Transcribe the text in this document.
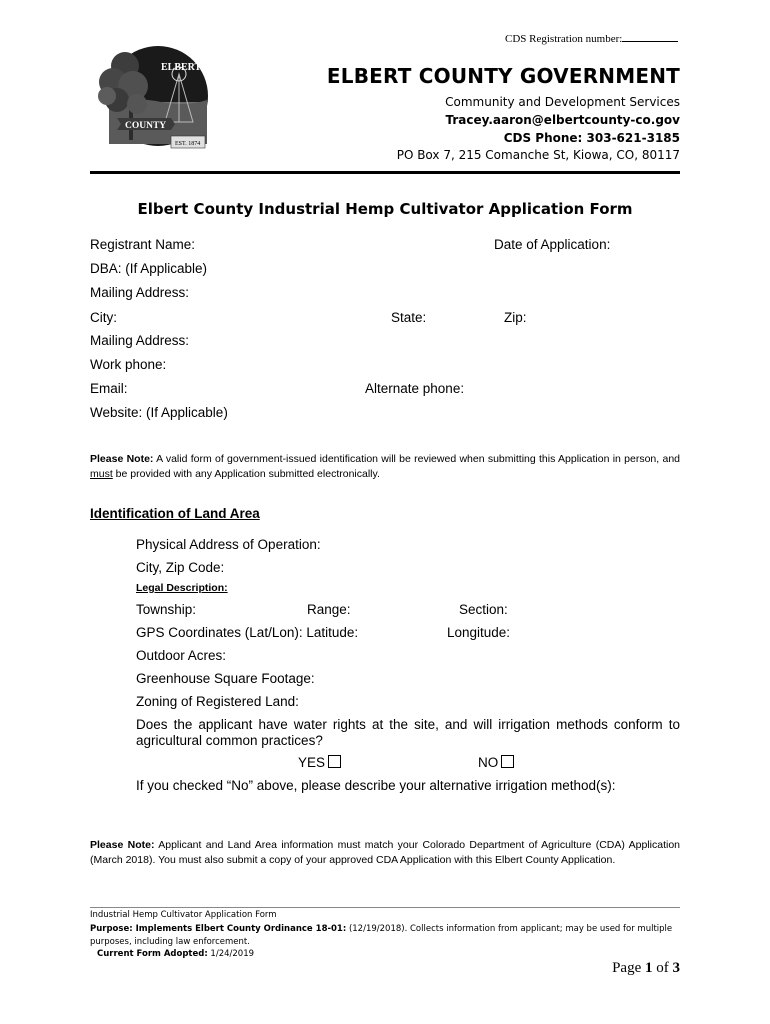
CDS Registration number:
ELBERT
COUNTY
EST. 1874
ELBERT COUNTY GOVERNMENT
Community and Development Services
Tracey.aaron@elbertcounty-co.gov
CDS Phone: 303-621-3185
PO Box 7, 215 Comanche St, Kiowa, CO, 80117
Elbert County Industrial Hemp Cultivator Application Form
Registrant Name:	Date of Application:
DBA: (If Applicable)
Mailing Address:
City:	State:	Zip:
Mailing Address:
Work phone:
Email:	Alternate phone:
Website: (If Applicable)
Please Note: A valid form of government-issued identification will be reviewed when submitting this Application in person, and must be provided with any Application submitted electronically.
Identification of Land Area
Physical Address of Operation:
City, Zip Code:
Legal Description:
Township:	Range:	Section:
GPS Coordinates (Lat/Lon): Latitude:	Longitude:
Outdoor Acres:
Greenhouse Square Footage:
Zoning of Registered Land:
Does the applicant have water rights at the site, and will irrigation methods conform to agricultural common practices?
YES	NO
If you checked “No” above, please describe your alternative irrigation method(s):
Please Note: Applicant and Land Area information must match your Colorado Department of Agriculture (CDA) Application (March 2018). You must also submit a copy of your approved CDA Application with this Elbert County Application.
Industrial Hemp Cultivator Application Form
Purpose: Implements Elbert County Ordinance 18-01: (12/19/2018). Collects information from applicant; may be used for multiple purposes, including law enforcement.
Current Form Adopted: 1/24/2019
Page 1 of 3
